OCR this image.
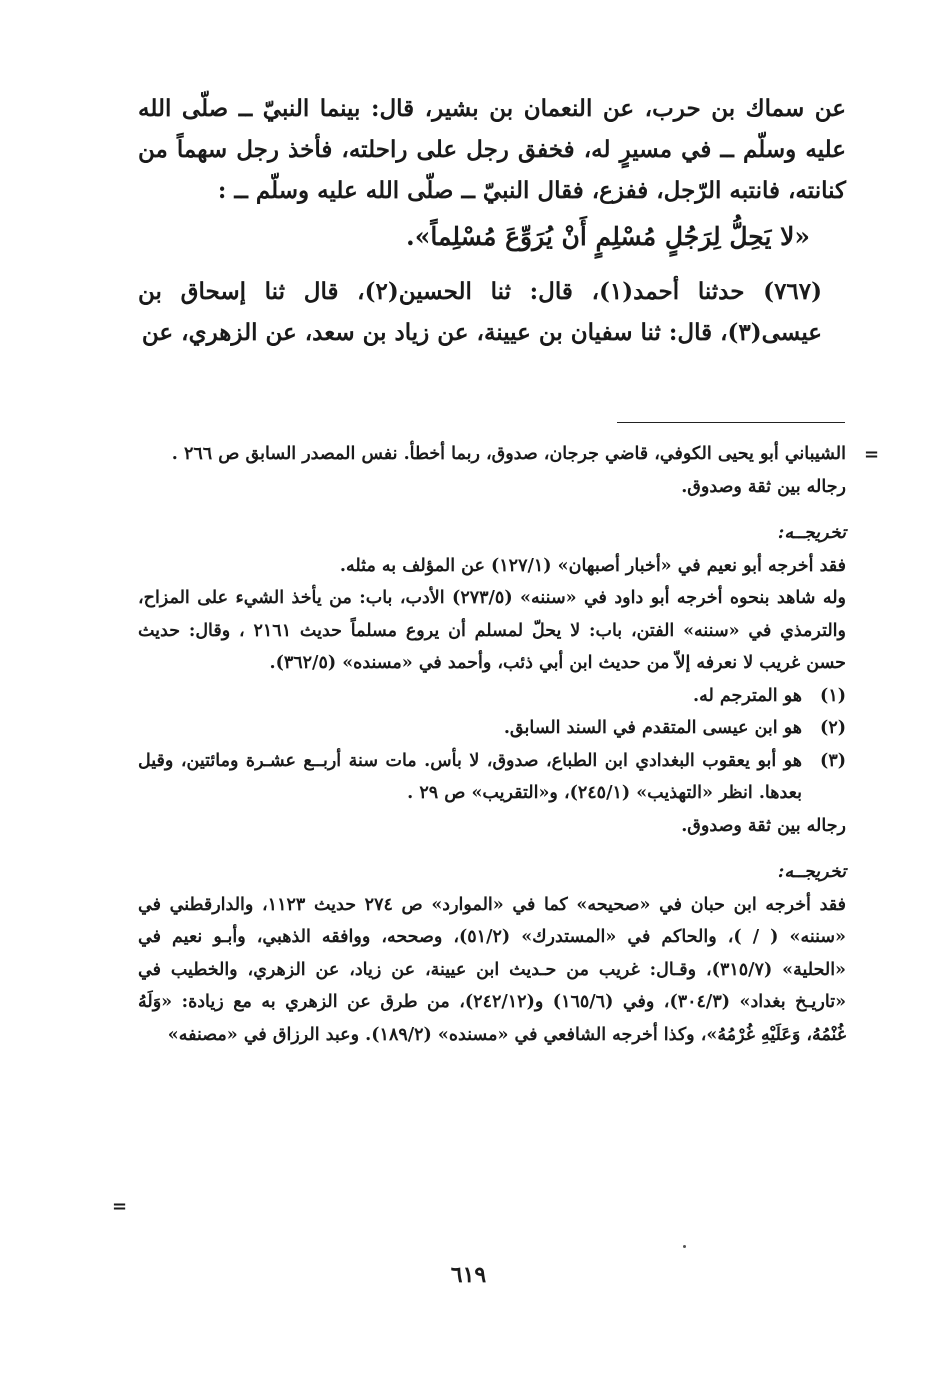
عن سماك بن حرب، عن النعمان بن بشير، قال: بينما النبيّ ــ صلّى الله عليه وسلّم ــ في مسيرٍ له، فخفق رجل على راحلته، فأخذ رجل سهماً من كنانته، فانتبه الرّجل، ففزع، فقال النبيّ ــ صلّى الله عليه وسلّم ــ :

«لا يَحِلُّ لِرَجُلٍ مُسْلِمٍ أَنْ يُرَوِّعَ مُسْلِماً».

(٧٦٧) حدثنا أحمد(١)، قال: ثنا الحسين(٢)، قال ثنا إسحاق بن عيسى(٣)، قال: ثنا سفيان بن عيينة، عن زياد بن سعد، عن الزهري، عن

=

الشيباني أبو يحيى الكوفي، قاضي جرجان، صدوق، ربما أخطأ. نفس المصدر السابق ص ٢٦٦ .

رجاله بين ثقة وصدوق.

تخريجــه:

فقد أخرجه أبو نعيم في «أخبار أصبهان» (١٢٧/١) عن المؤلف به مثله.

وله شاهد بنحوه أخرجه أبو داود في «سننه» (٢٧٣/٥) الأدب، باب: من يأخذ الشيء على المزاح، والترمذي في «سننه» الفتن، باب: لا يحلّ لمسلم أن يروع مسلماً حديث ٢١٦١ ، وقال: حديث حسن غريب لا نعرفه إلاّ من حديث ابن أبي ذئب، وأحمد في «مسنده» (٣٦٢/٥).

(١)
هو المترجم له.
(٢)
هو ابن عيسى المتقدم في السند السابق.
(٣)
هو أبو يعقوب البغدادي ابن الطباع، صدوق، لا بأس. مات سنة أربــع عشـرة ومائتين، وقيل بعدها. انظر «التهذيب» (٢٤٥/١)، و«التقريب» ص ٢٩ .

رجاله بين ثقة وصدوق.

تخريجــه:

فقد أخرجه ابن حبان في «صحيحه» كما في «الموارد» ص ٢٧٤ حديث ١١٢٣، والدارقطني في «سننه» ( / )، والحاكم في «المستدرك» (٥١/٢)، وصححه، ووافقه الذهبي، وأبـو نعيم في «الحلية» (٣١٥/٧)، وقـال: غريب من حـديث ابن عيينة، عن زياد، عن الزهري، والخطيب في «تاريـخ بغداد» (٣٠٤/٣)، وفي (١٦٥/٦) و(٢٤٢/١٢)، من طرق عن الزهري به مع زيادة: «وَلَهُ غُنْمُهُ، وَعَلَيْهِ غُرْمُهُ»، وكذا أخرجه الشافعي في «مسنده» (١٨٩/٢). وعبد الرزاق في «مصنفه»

=
٦١٩
